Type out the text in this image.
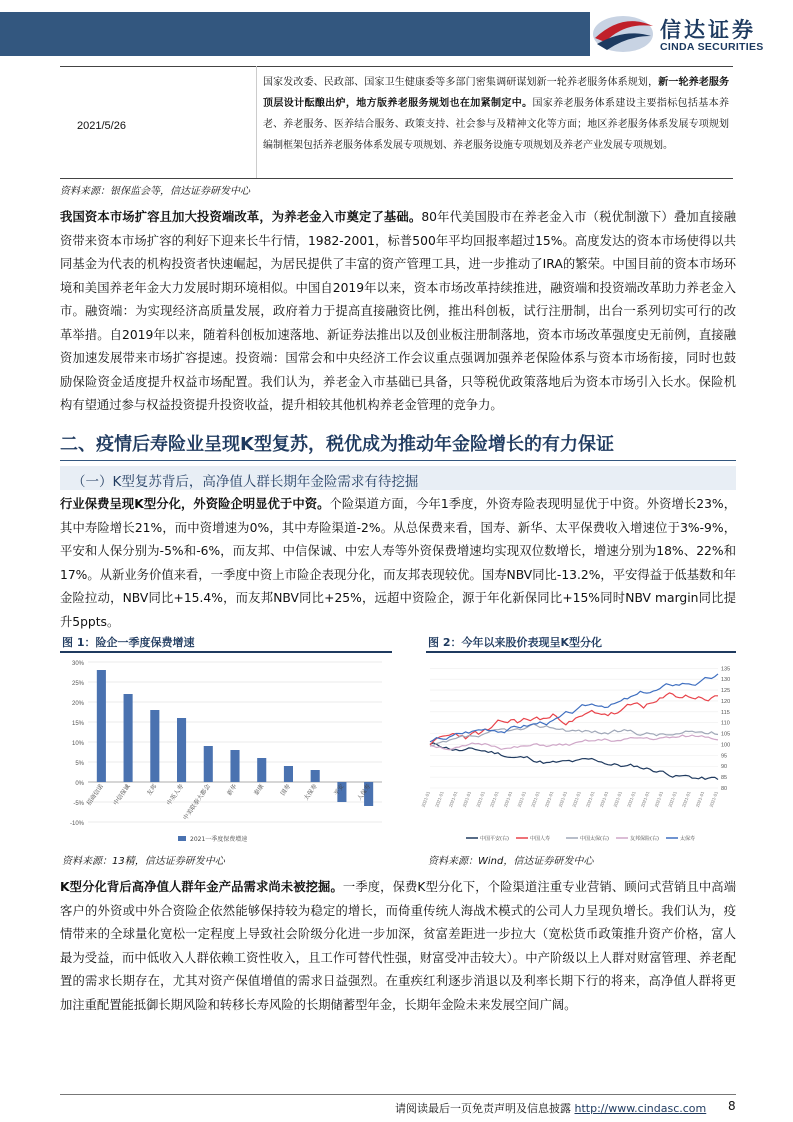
信达证券
CINDA SECURITIES
2021/5/26
国家发改委、民政部、国家卫生健康委等多部门密集调研谋划新一轮养老服务体系规划，新一轮养老服务顶层设计酝酿出炉，地方版养老服务规划也在加紧制定中。国家养老服务体系建设主要指标包括基本养老、养老服务、医养结合服务、政策支持、社会参与及精神文化等方面；地区养老服务体系发展专项规划编制框架包括养老服务体系发展专项规划、养老服务设施专项规划及养老产业发展专项规划。
资料来源：银保监会等，信达证券研发中心
我国资本市场扩容且加大投资端改革，为养老金入市奠定了基础。80年代美国股市在养老金入市（税优制激下）叠加直接融资带来资本市场扩容的利好下迎来长牛行情，1982-2001，标普500年平均回报率超过15%。高度发达的资本市场使得以共同基金为代表的机构投资者快速崛起，为居民提供了丰富的资产管理工具，进一步推动了IRA的繁荣。中国目前的资本市场环境和美国养老年金大力发展时期环境相似。中国自2019年以来，资本市场改革持续推进，融资端和投资端改革助力养老金入市。融资端：为实现经济高质量发展，政府着力于提高直接融资比例，推出科创板，试行注册制，出台一系列切实可行的改革举措。自2019年以来，随着科创板加速落地、新证券法推出以及创业板注册制落地，资本市场改革强度史无前例，直接融资加速发展带来市场扩容提速。投资端：国常会和中央经济工作会议重点强调加强养老保险体系与资本市场衔接，同时也鼓励保险资金适度提升权益市场配置。我们认为，养老金入市基础已具备，只等税优政策落地后为资本市场引入长水。保险机构有望通过参与权益投资提升投资收益，提升相较其他机构养老金管理的竞争力。
二、疫情后寿险业呈现K型复苏，税优成为推动年金险增长的有力保证
（一）K型复苏背后，高净值人群长期年金险需求有待挖掘
行业保费呈现K型分化，外资险企明显优于中资。个险渠道方面，今年1季度，外资寿险表现明显优于中资。外资增长23%，其中寿险增长21%，而中资增速为0%，其中寿险渠道-2%。从总保费来看，国寿、新华、太平保费收入增速位于3%-9%，平安和人保分别为-5%和-6%，而友邦、中信保诚、中宏人寿等外资保费增速均实现双位数增长，增速分别为18%、22%和17%。从新业务价值来看，一季度中资上市险企表现分化，而友邦表现较优。国寿NBV同比-13.2%，平安得益于低基数和年金险拉动，NBV同比+15.4%，而友邦NBV同比+25%，远超中资险企，源于年化新保同比+15%同时NBV margin同比提升5ppts。
图 1：险企一季度保费增速	图 2：今年以来股价表现呈K型分化
30%
25%
20%
15%
10%
5%
0%
-5%
-10%
招商信诺 中信保诚 友邦 中英人寿
中美联泰大都会 新华 泰康 国寿 太保寿 平安 人保寿
2021一季度保费增速
135
130
125
120
115
110
105
100
95
90
85
80
2021-01 2021-01 2021-01 2021-01 2021-01 2021-01 2021-01 2021-01 2021-01 2021-01 2021-01 2021-01 2021-01 2021-01 2021-01 2021-01 2021-01 2021-01 2021-01 2021-01 2021-01 2021-01
中国平安(右)	中国人寿	中国太保(右)	友邦保险(右)	太保寿
资料来源：13精，信达证券研发中心	资料来源：Wind，信达证券研发中心
K型分化背后高净值人群年金产品需求尚未被挖掘。一季度，保费K型分化下，个险渠道注重专业营销、顾问式营销且中高端客户的外资或中外合资险企依然能够保持较为稳定的增长，而倚重传统人海战术模式的公司人力呈现负增长。我们认为，疫情带来的全球量化宽松一定程度上导致社会阶级分化进一步加深，贫富差距进一步拉大（宽松货币政策推升资产价格，富人最为受益，而中低收入人群依赖工资性收入，且工作可替代性强，财富受冲击较大）。中产阶级以上人群对财富管理、养老配置的需求长期存在，尤其对资产保值增值的需求日益强烈。在重疾红利逐步消退以及利率长期下行的将来，高净值人群将更加注重配置能抵御长期风险和转移长寿风险的长期储蓄型年金，长期年金险未来发展空间广阔。
请阅读最后一页免责声明及信息披露 http://www.cindasc.com 8
